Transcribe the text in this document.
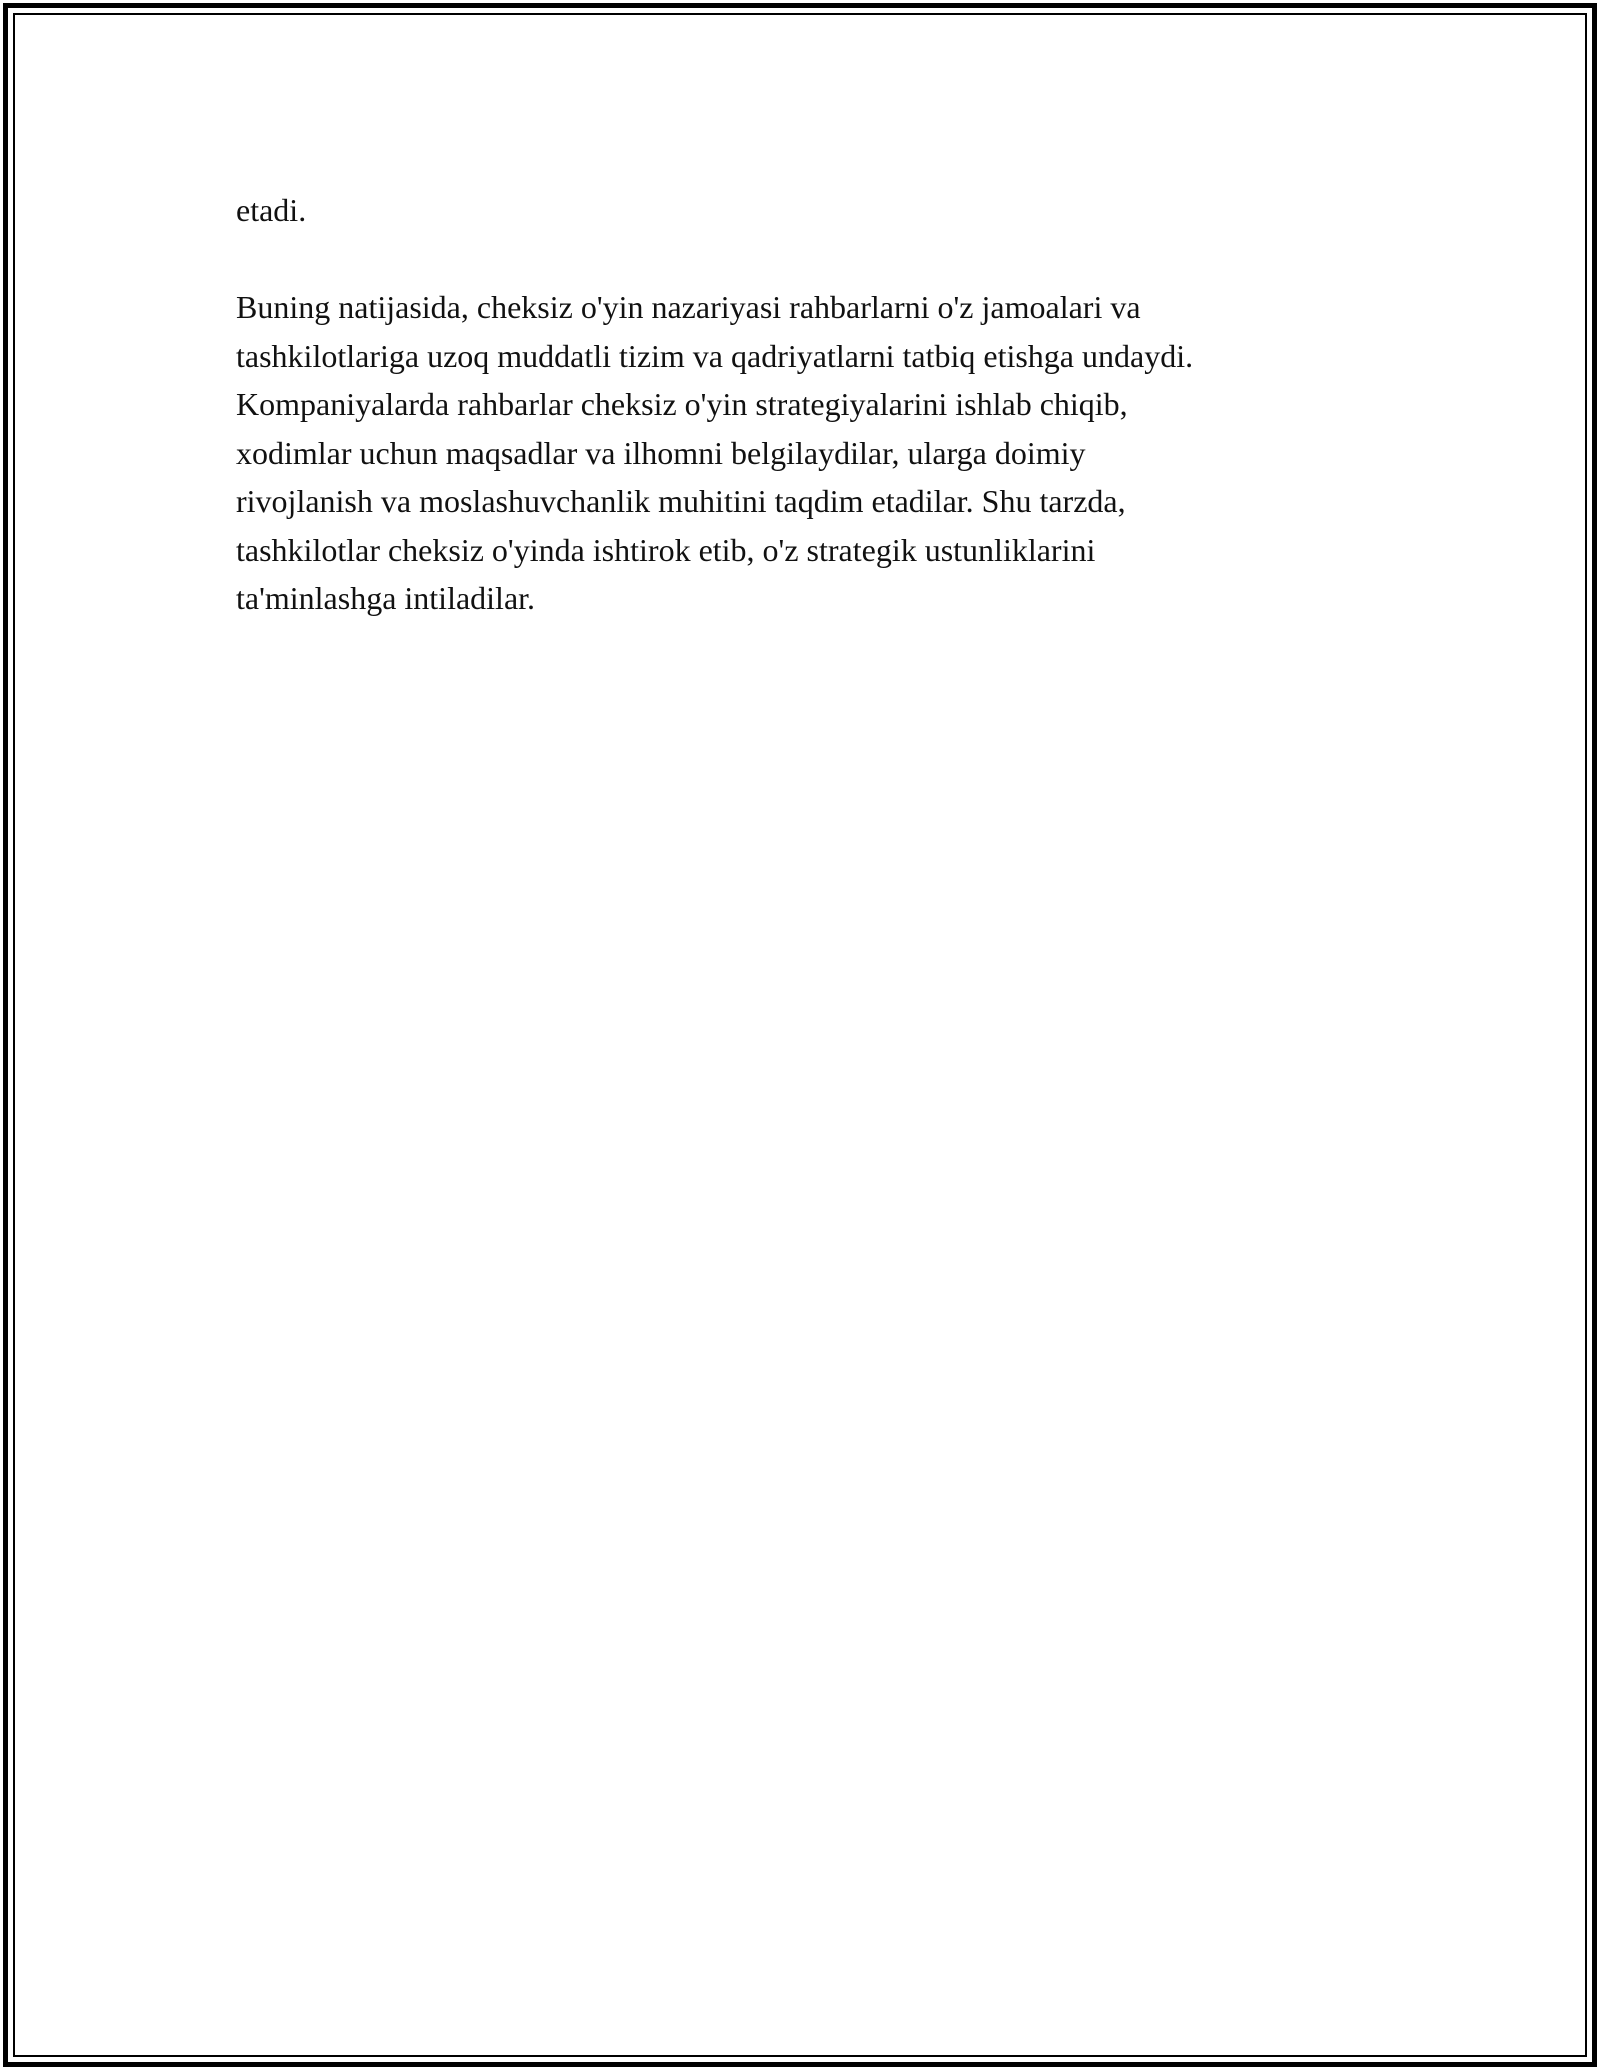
etadi.

Buning natijasida, cheksiz o'yin nazariyasi rahbarlarni o'z jamoalari va
tashkilotlariga uzoq muddatli tizim va qadriyatlarni tatbiq etishga undaydi.
Kompaniyalarda rahbarlar cheksiz o'yin strategiyalarini ishlab chiqib,
xodimlar uchun maqsadlar va ilhomni belgilaydilar, ularga doimiy
rivojlanish va moslashuvchanlik muhitini taqdim etadilar. Shu tarzda,
tashkilotlar cheksiz o'yinda ishtirok etib, o'z strategik ustunliklarini
ta'minlashga intiladilar.
